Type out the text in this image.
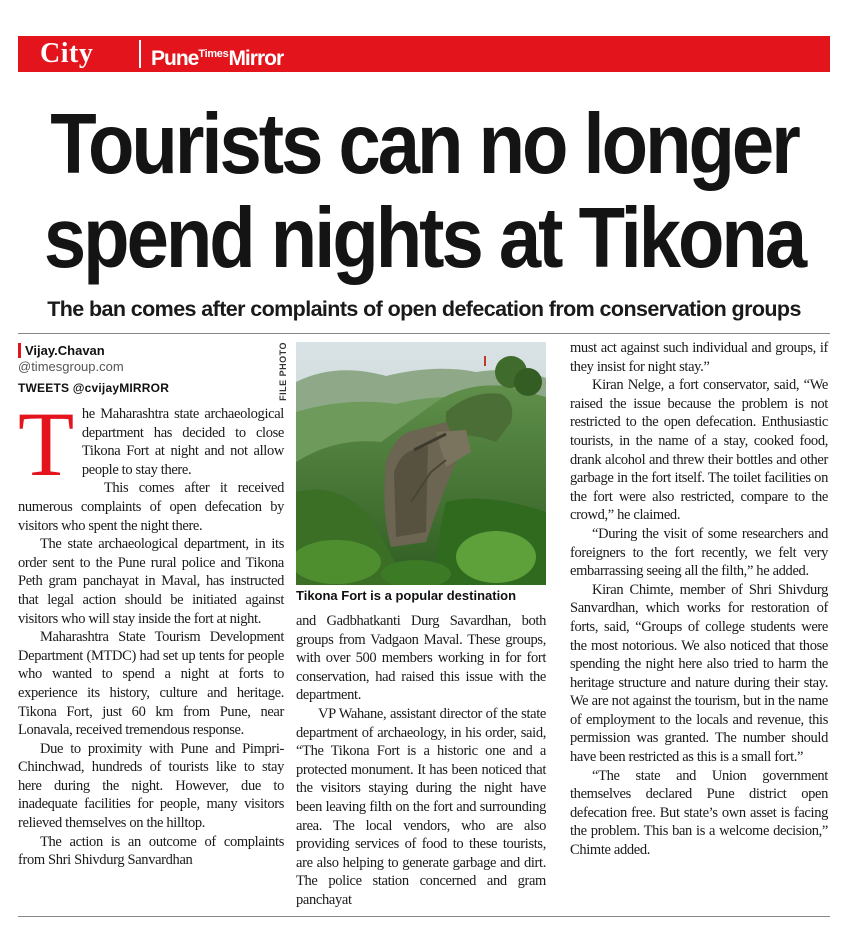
City	Pune$^{Times}$Mirror
Tourists can no longer spend nights at Tikona
The ban comes after complaints of open defecation from conservation groups
Vijay.Chavan
@timesgroup.com
TWEETS @cvijayMIRROR
T he Maharashtra state archaeological department has decided to close Tikona Fort at night and not allow people to stay there.

This comes after it received numerous complaints of open defecation by visitors who spent the night there.

The state archaeological department, in its order sent to the Pune rural police and Tikona Peth gram panchayat in Maval, has instructed that legal action should be initiated against visitors who will stay inside the fort at night.

Maharashtra State Tourism Development Department (MTDC) had set up tents for people who wanted to spend a night at forts to experience its history, culture and heritage. Tikona Fort, just 60 km from Pune, near Lonavala, received tremendous response.

Due to proximity with Pune and Pimpri-Chinchwad, hundreds of tourists like to stay here during the night. However, due to inadequate facilities for people, many visitors relieved themselves on the hilltop.

The action is an outcome of complaints from Shri Shivdurg Sanvardhan

FILE PHOTO
Tikona Fort is a popular destination

and Gadbhatkanti Durg Savardhan, both groups from Vadgaon Maval. These groups, with over 500 members working in for fort conservation, had raised this issue with the department.

VP Wahane, assistant director of the state department of archaeology, in his order, said, “The Tikona Fort is a historic one and a protected monument. It has been noticed that the visitors staying during the night have been leaving filth on the fort and surrounding area. The local vendors, who are also providing services of food to these tourists, are also helping to generate garbage and dirt. The police station concerned and gram panchayat

must act against such individual and groups, if they insist for night stay.”

Kiran Nelge, a fort conservator, said, “We raised the issue because the problem is not restricted to the open defecation. Enthusiastic tourists, in the name of a stay, cooked food, drank alcohol and threw their bottles and other garbage in the fort itself. The toilet facilities on the fort were also restricted, compare to the crowd,” he claimed.

“During the visit of some researchers and foreigners to the fort recently, we felt very embarrassing seeing all the filth,” he added.

Kiran Chimte, member of Shri Shivdurg Sanvardhan, which works for restoration of forts, said, “Groups of college students were the most notorious. We also noticed that those spending the night here also tried to harm the heritage structure and nature during their stay. We are not against the tourism, but in the name of employment to the locals and revenue, this permission was granted. The number should have been restricted as this is a small fort.”

“The state and Union government themselves declared Pune district open defecation free. But state’s own asset is facing the problem. This ban is a welcome decision,” Chimte added.
